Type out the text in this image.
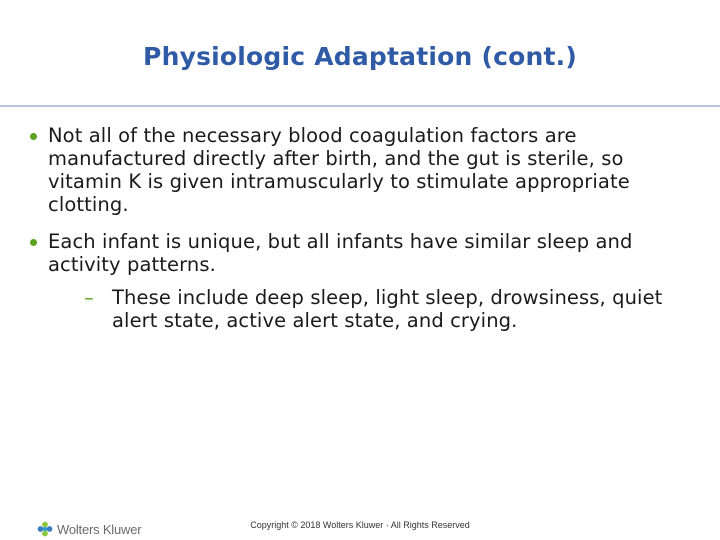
Physiologic Adaptation (cont.)
Not all of the necessary blood coagulation factors are manufactured directly after birth, and the gut is sterile, so vitamin K is given intramuscularly to stimulate appropriate clotting.
Each infant is unique, but all infants have similar sleep and activity patterns.
– These include deep sleep, light sleep, drowsiness, quiet alert state, active alert state, and crying.
Wolters Kluwer	Copyright © 2018 Wolters Kluwer · All Rights Reserved
